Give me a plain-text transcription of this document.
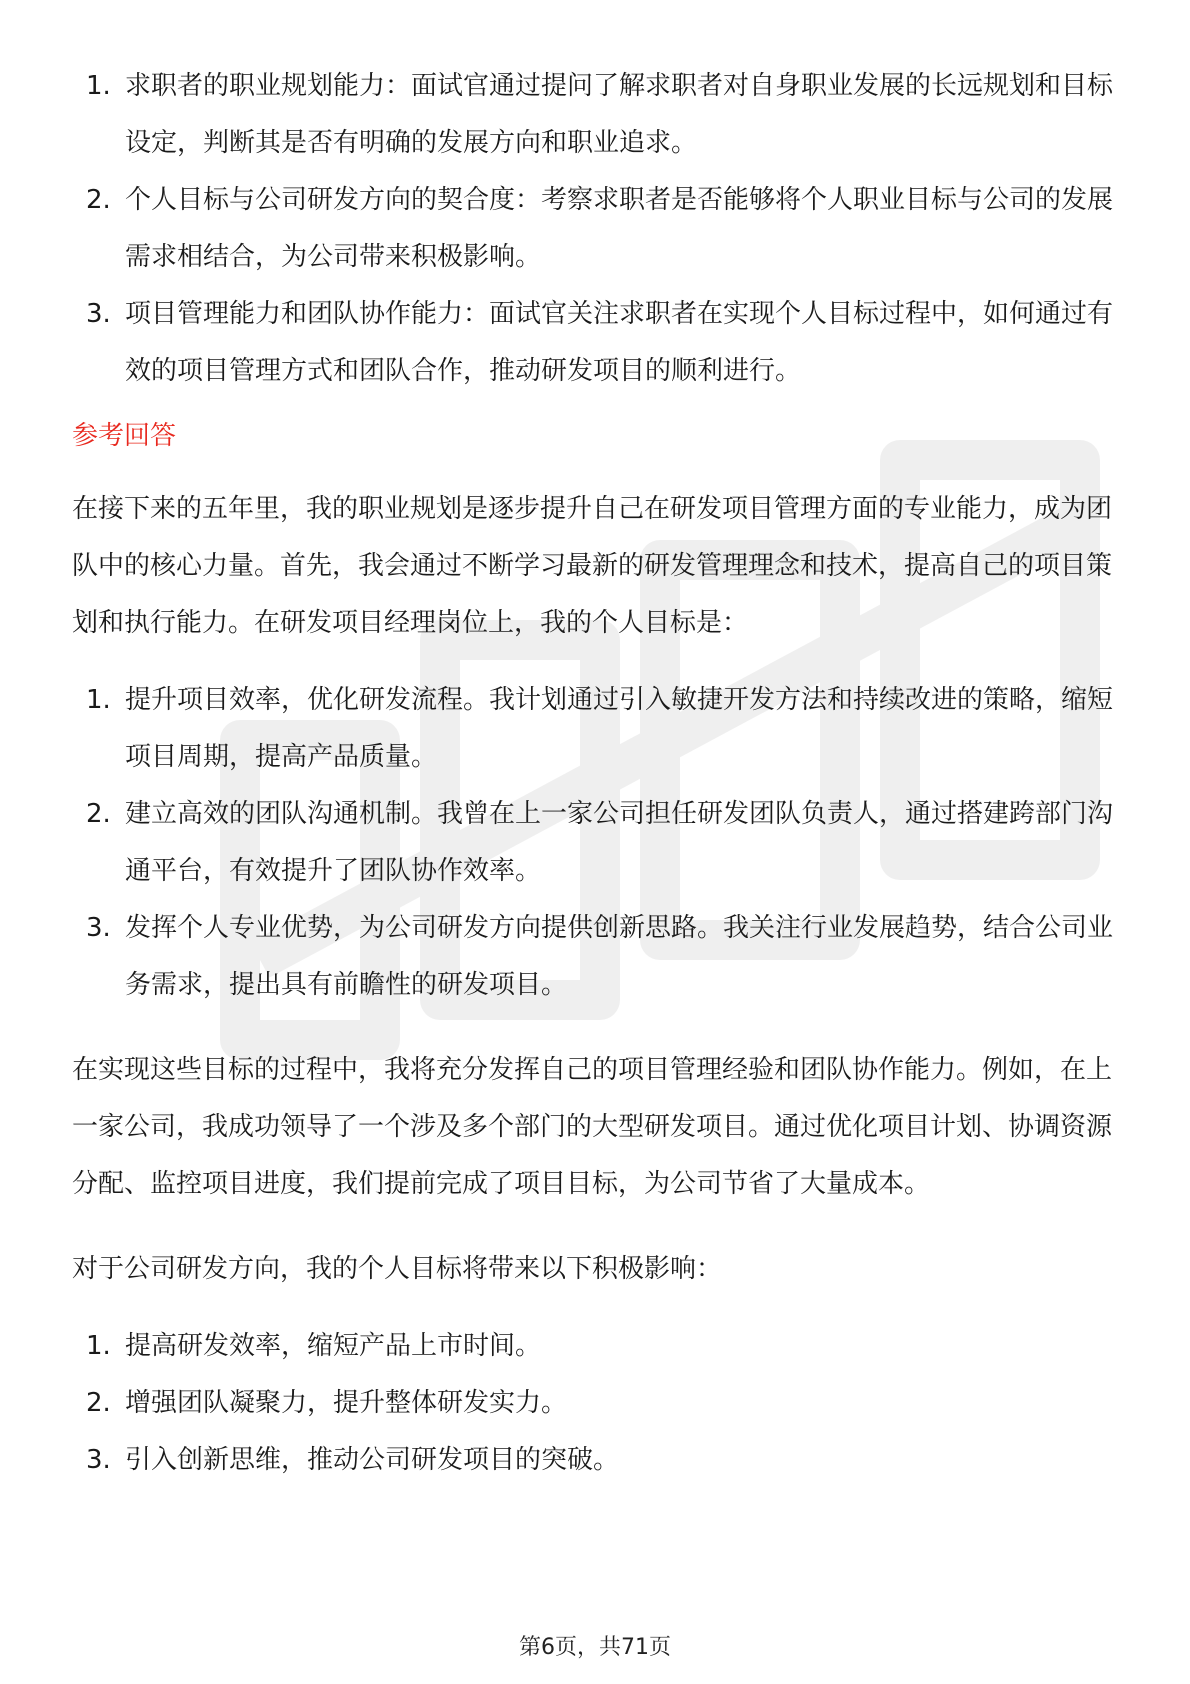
1. 求职者的职业规划能力：面试官通过提问了解求职者对自身职业发展的长远规划和目标设定，判断其是否有明确的发展方向和职业追求。
2. 个人目标与公司研发方向的契合度：考察求职者是否能够将个人职业目标与公司的发展需求相结合，为公司带来积极影响。
3. 项目管理能力和团队协作能力：面试官关注求职者在实现个人目标过程中，如何通过有效的项目管理方式和团队合作，推动研发项目的顺利进行。
参考回答

在接下来的五年里，我的职业规划是逐步提升自己在研发项目管理方面的专业能力，成为团队中的核心力量。首先，我会通过不断学习最新的研发管理理念和技术，提高自己的项目策划和执行能力。在研发项目经理岗位上，我的个人目标是：

1. 提升项目效率，优化研发流程。我计划通过引入敏捷开发方法和持续改进的策略，缩短项目周期，提高产品质量。
2. 建立高效的团队沟通机制。我曾在上一家公司担任研发团队负责人，通过搭建跨部门沟通平台，有效提升了团队协作效率。
3. 发挥个人专业优势，为公司研发方向提供创新思路。我关注行业发展趋势，结合公司业务需求，提出具有前瞻性的研发项目。

在实现这些目标的过程中，我将充分发挥自己的项目管理经验和团队协作能力。例如，在上一家公司，我成功领导了一个涉及多个部门的大型研发项目。通过优化项目计划、协调资源分配、监控项目进度，我们提前完成了项目目标，为公司节省了大量成本。

对于公司研发方向，我的个人目标将带来以下积极影响：

1. 提高研发效率，缩短产品上市时间。
2. 增强团队凝聚力，提升整体研发实力。
3. 引入创新思维，推动公司研发项目的突破。
第6页，共71页
